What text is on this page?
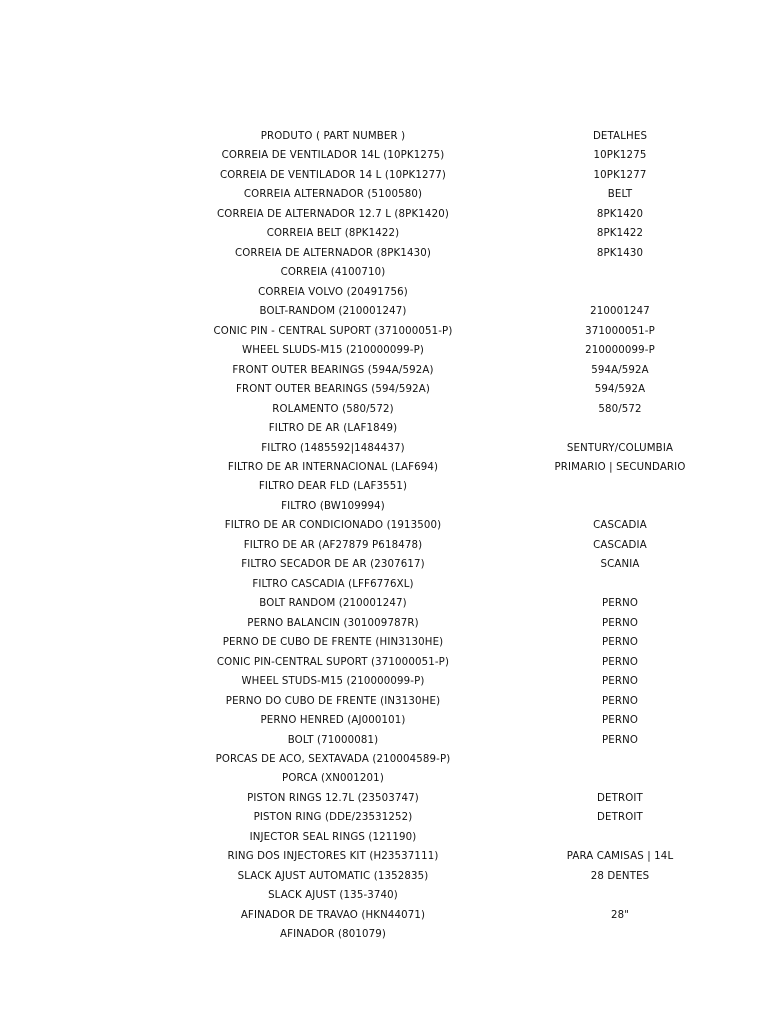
PRODUTO ( PART NUMBER )	DETALHES
CORREIA DE VENTILADOR 14L (10PK1275)	10PK1275
CORREIA DE VENTILADOR 14 L (10PK1277)	10PK1277
CORREIA ALTERNADOR (5100580)	BELT
CORREIA DE ALTERNADOR 12.7 L (8PK1420)	8PK1420
CORREIA BELT (8PK1422)	8PK1422
CORREIA DE ALTERNADOR (8PK1430)	8PK1430
CORREIA (4100710)
CORREIA VOLVO (20491756)
BOLT-RANDOM (210001247)	210001247
CONIC PIN - CENTRAL SUPORT (371000051-P)	371000051-P
WHEEL SLUDS-M15 (210000099-P)	210000099-P
FRONT OUTER BEARINGS (594A/592A)	594A/592A
FRONT OUTER BEARINGS (594/592A)	594/592A
ROLAMENTO (580/572)	580/572
FILTRO DE AR (LAF1849)
FILTRO (1485592|1484437)	SENTURY/COLUMBIA
FILTRO DE AR INTERNACIONAL (LAF694)	PRIMARIO | SECUNDARIO
FILTRO DEAR FLD (LAF3551)
FILTRO (BW109994)
FILTRO DE AR CONDICIONADO (1913500)	CASCADIA
FILTRO DE AR (AF27879 P618478)	CASCADIA
FILTRO SECADOR DE AR (2307617)	SCANIA
FILTRO CASCADIA (LFF6776XL)
BOLT RANDOM (210001247)	PERNO
PERNO BALANCIN (301009787R)	PERNO
PERNO DE CUBO DE FRENTE (HIN3130HE)	PERNO
CONIC PIN-CENTRAL SUPORT (371000051-P)	PERNO
WHEEL STUDS-M15 (210000099-P)	PERNO
PERNO DO CUBO DE FRENTE (IN3130HE)	PERNO
PERNO HENRED (AJ000101)	PERNO
BOLT (71000081)	PERNO
PORCAS DE ACO, SEXTAVADA (210004589-P)
PORCA (XN001201)
PISTON RINGS 12.7L (23503747)	DETROIT
PISTON RING (DDE/23531252)	DETROIT
INJECTOR SEAL RINGS (121190)
RING DOS INJECTORES KIT (H23537111)	PARA CAMISAS | 14L
SLACK AJUST AUTOMATIC (1352835)	28 DENTES
SLACK AJUST (135-3740)
AFINADOR DE TRAVAO (HKN44071)	28"
AFINADOR (801079)
